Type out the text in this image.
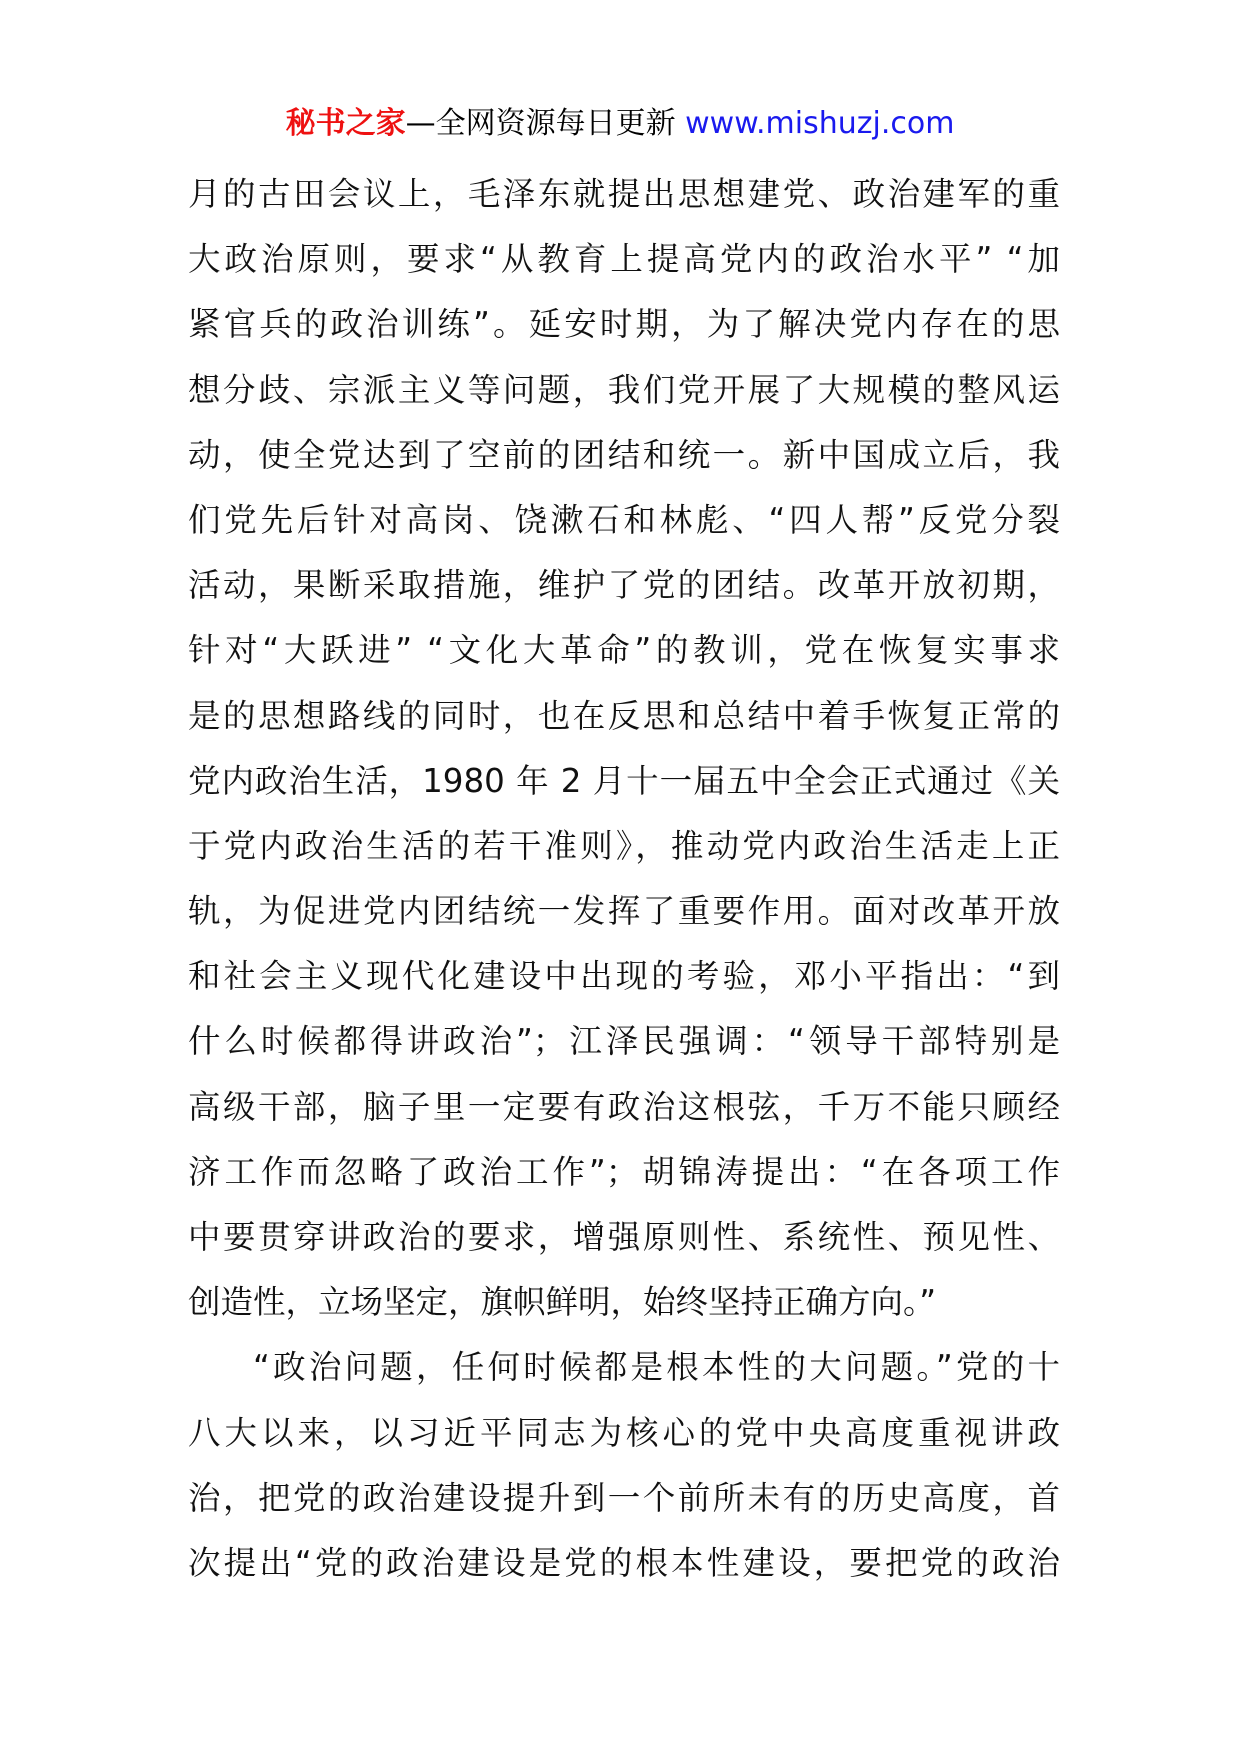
秘书之家—全网资源每日更新 www.mishuzj.com
月的古田会议上，毛泽东就提出思想建党、政治建军的重
大政治原则，要求“从教育上提高党内的政治水平” “加
紧官兵的政治训练”。延安时期，为了解决党内存在的思
想分歧、宗派主义等问题，我们党开展了大规模的整风运
动，使全党达到了空前的团结和统一。新中国成立后，我
们党先后针对高岗、饶漱石和林彪、“四人帮”反党分裂
活动，果断采取措施，维护了党的团结。改革开放初期，
针对“大跃进” “文化大革命”的教训，党在恢复实事求
是的思想路线的同时，也在反思和总结中着手恢复正常的
党内政治生活，1980 年 2 月十一届五中全会正式通过《关
于党内政治生活的若干准则》，推动党内政治生活走上正
轨，为促进党内团结统一发挥了重要作用。面对改革开放
和社会主义现代化建设中出现的考验，邓小平指出：“到
什么时候都得讲政治”；江泽民强调：“领导干部特别是
高级干部，脑子里一定要有政治这根弦，千万不能只顾经
济工作而忽略了政治工作”；胡锦涛提出：“在各项工作
中要贯穿讲政治的要求，增强原则性、系统性、预见性、
创造性，立场坚定，旗帜鲜明，始终坚持正确方向。”
“政治问题，任何时候都是根本性的大问题。”党的十
八大以来，以习近平同志为核心的党中央高度重视讲政
治，把党的政治建设提升到一个前所未有的历史高度，首
次提出“党的政治建设是党的根本性建设，要把党的政治
